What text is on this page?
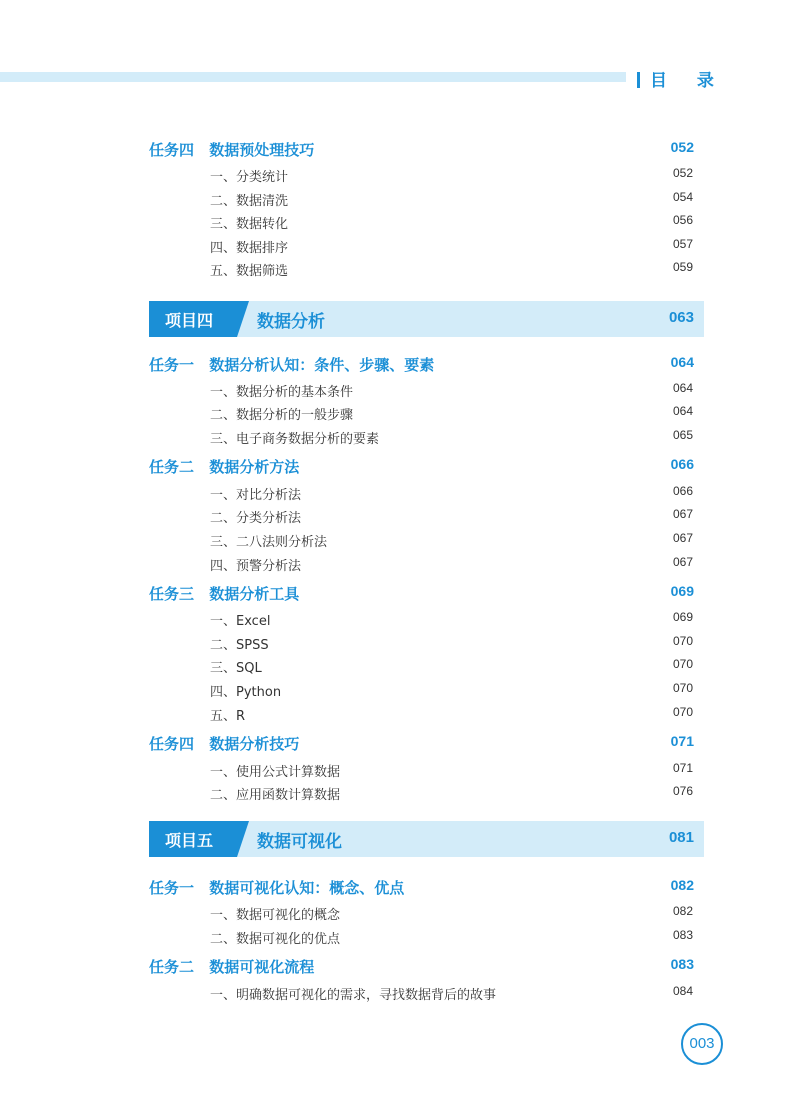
目 录
任务四 数据预处理技巧	052
一、分类统计	052
二、数据清洗	054
三、数据转化	056
四、数据排序	057
五、数据筛选	059
项目四	数据分析	063
任务一 数据分析认知：条件、步骤、要素	064
一、数据分析的基本条件	064
二、数据分析的一般步骤	064
三、电子商务数据分析的要素	065
任务二 数据分析方法	066
一、对比分析法	066
二、分类分析法	067
三、二八法则分析法	067
四、预警分析法	067
任务三 数据分析工具	069
一、Excel	069
二、SPSS	070
三、SQL	070
四、Python	070
五、R	070
任务四 数据分析技巧	071
一、使用公式计算数据	071
二、应用函数计算数据	076
项目五	数据可视化	081
任务一 数据可视化认知：概念、优点	082
一、数据可视化的概念	082
二、数据可视化的优点	083
任务二 数据可视化流程	083
一、明确数据可视化的需求，寻找数据背后的故事	084
003
